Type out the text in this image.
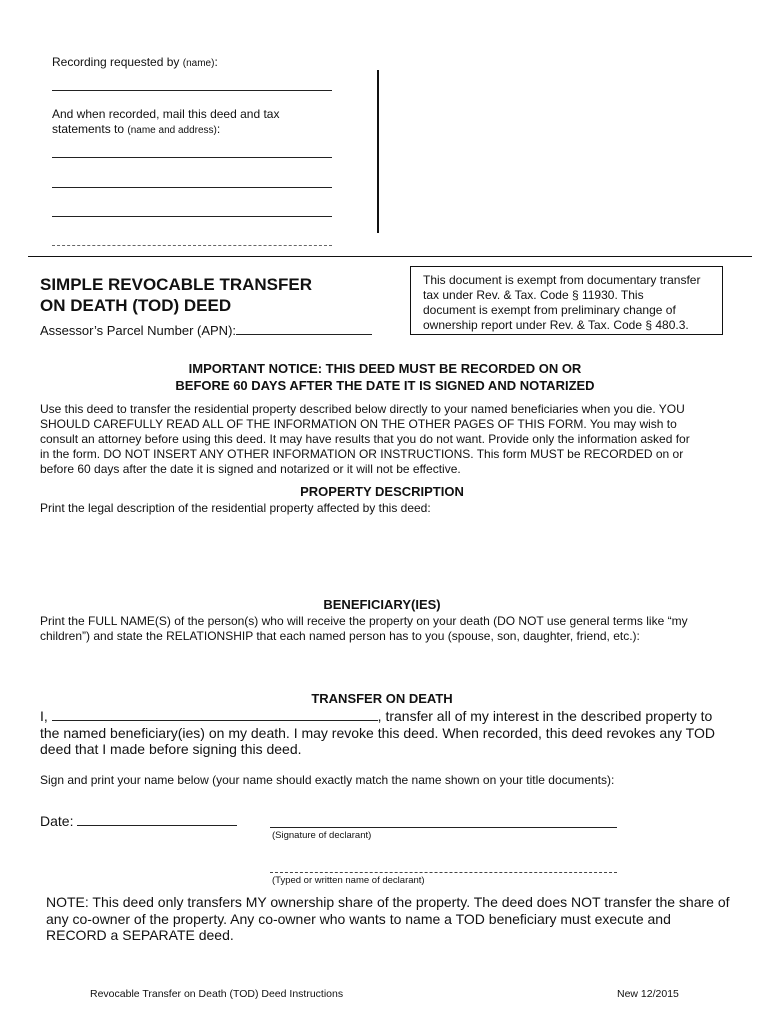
Recording requested by (name):
And when recorded, mail this deed and tax
statements to (name and address):
SIMPLE REVOCABLE TRANSFER
ON DEATH (TOD) DEED
Assessor’s Parcel Number (APN):
This document is exempt from documentary transfer
tax under Rev. & Tax. Code § 11930. This
document is exempt from preliminary change of
ownership report under Rev. & Tax. Code § 480.3.
IMPORTANT NOTICE: THIS DEED MUST BE RECORDED ON OR
BEFORE 60 DAYS AFTER THE DATE IT IS SIGNED AND NOTARIZED
Use this deed to transfer the residential property described below directly to your named beneficiaries when you die. YOU
SHOULD CAREFULLY READ ALL OF THE INFORMATION ON THE OTHER PAGES OF THIS FORM. You may wish to
consult an attorney before using this deed. It may have results that you do not want. Provide only the information asked for
in the form. DO NOT INSERT ANY OTHER INFORMATION OR INSTRUCTIONS. This form MUST be RECORDED on or
before 60 days after the date it is signed and notarized or it will not be effective.
PROPERTY DESCRIPTION
Print the legal description of the residential property affected by this deed:
BENEFICIARY(IES)
Print the FULL NAME(S) of the person(s) who will receive the property on your death (DO NOT use general terms like “my
children”) and state the RELATIONSHIP that each named person has to you (spouse, son, daughter, friend, etc.):
TRANSFER ON DEATH
I,	, transfer all of my interest in the described property to
the named beneficiary(ies) on my death. I may revoke this deed. When recorded, this deed revokes any TOD
deed that I made before signing this deed.
Sign and print your name below (your name should exactly match the name shown on your title documents):
Date:
(Signature of declarant)
(Typed or written name of declarant)
NOTE: This deed only transfers MY ownership share of the property. The deed does NOT transfer the share of
any co-owner of the property. Any co-owner who wants to name a TOD beneficiary must execute and
RECORD a SEPARATE deed.
Revocable Transfer on Death (TOD) Deed Instructions	New 12/2015
